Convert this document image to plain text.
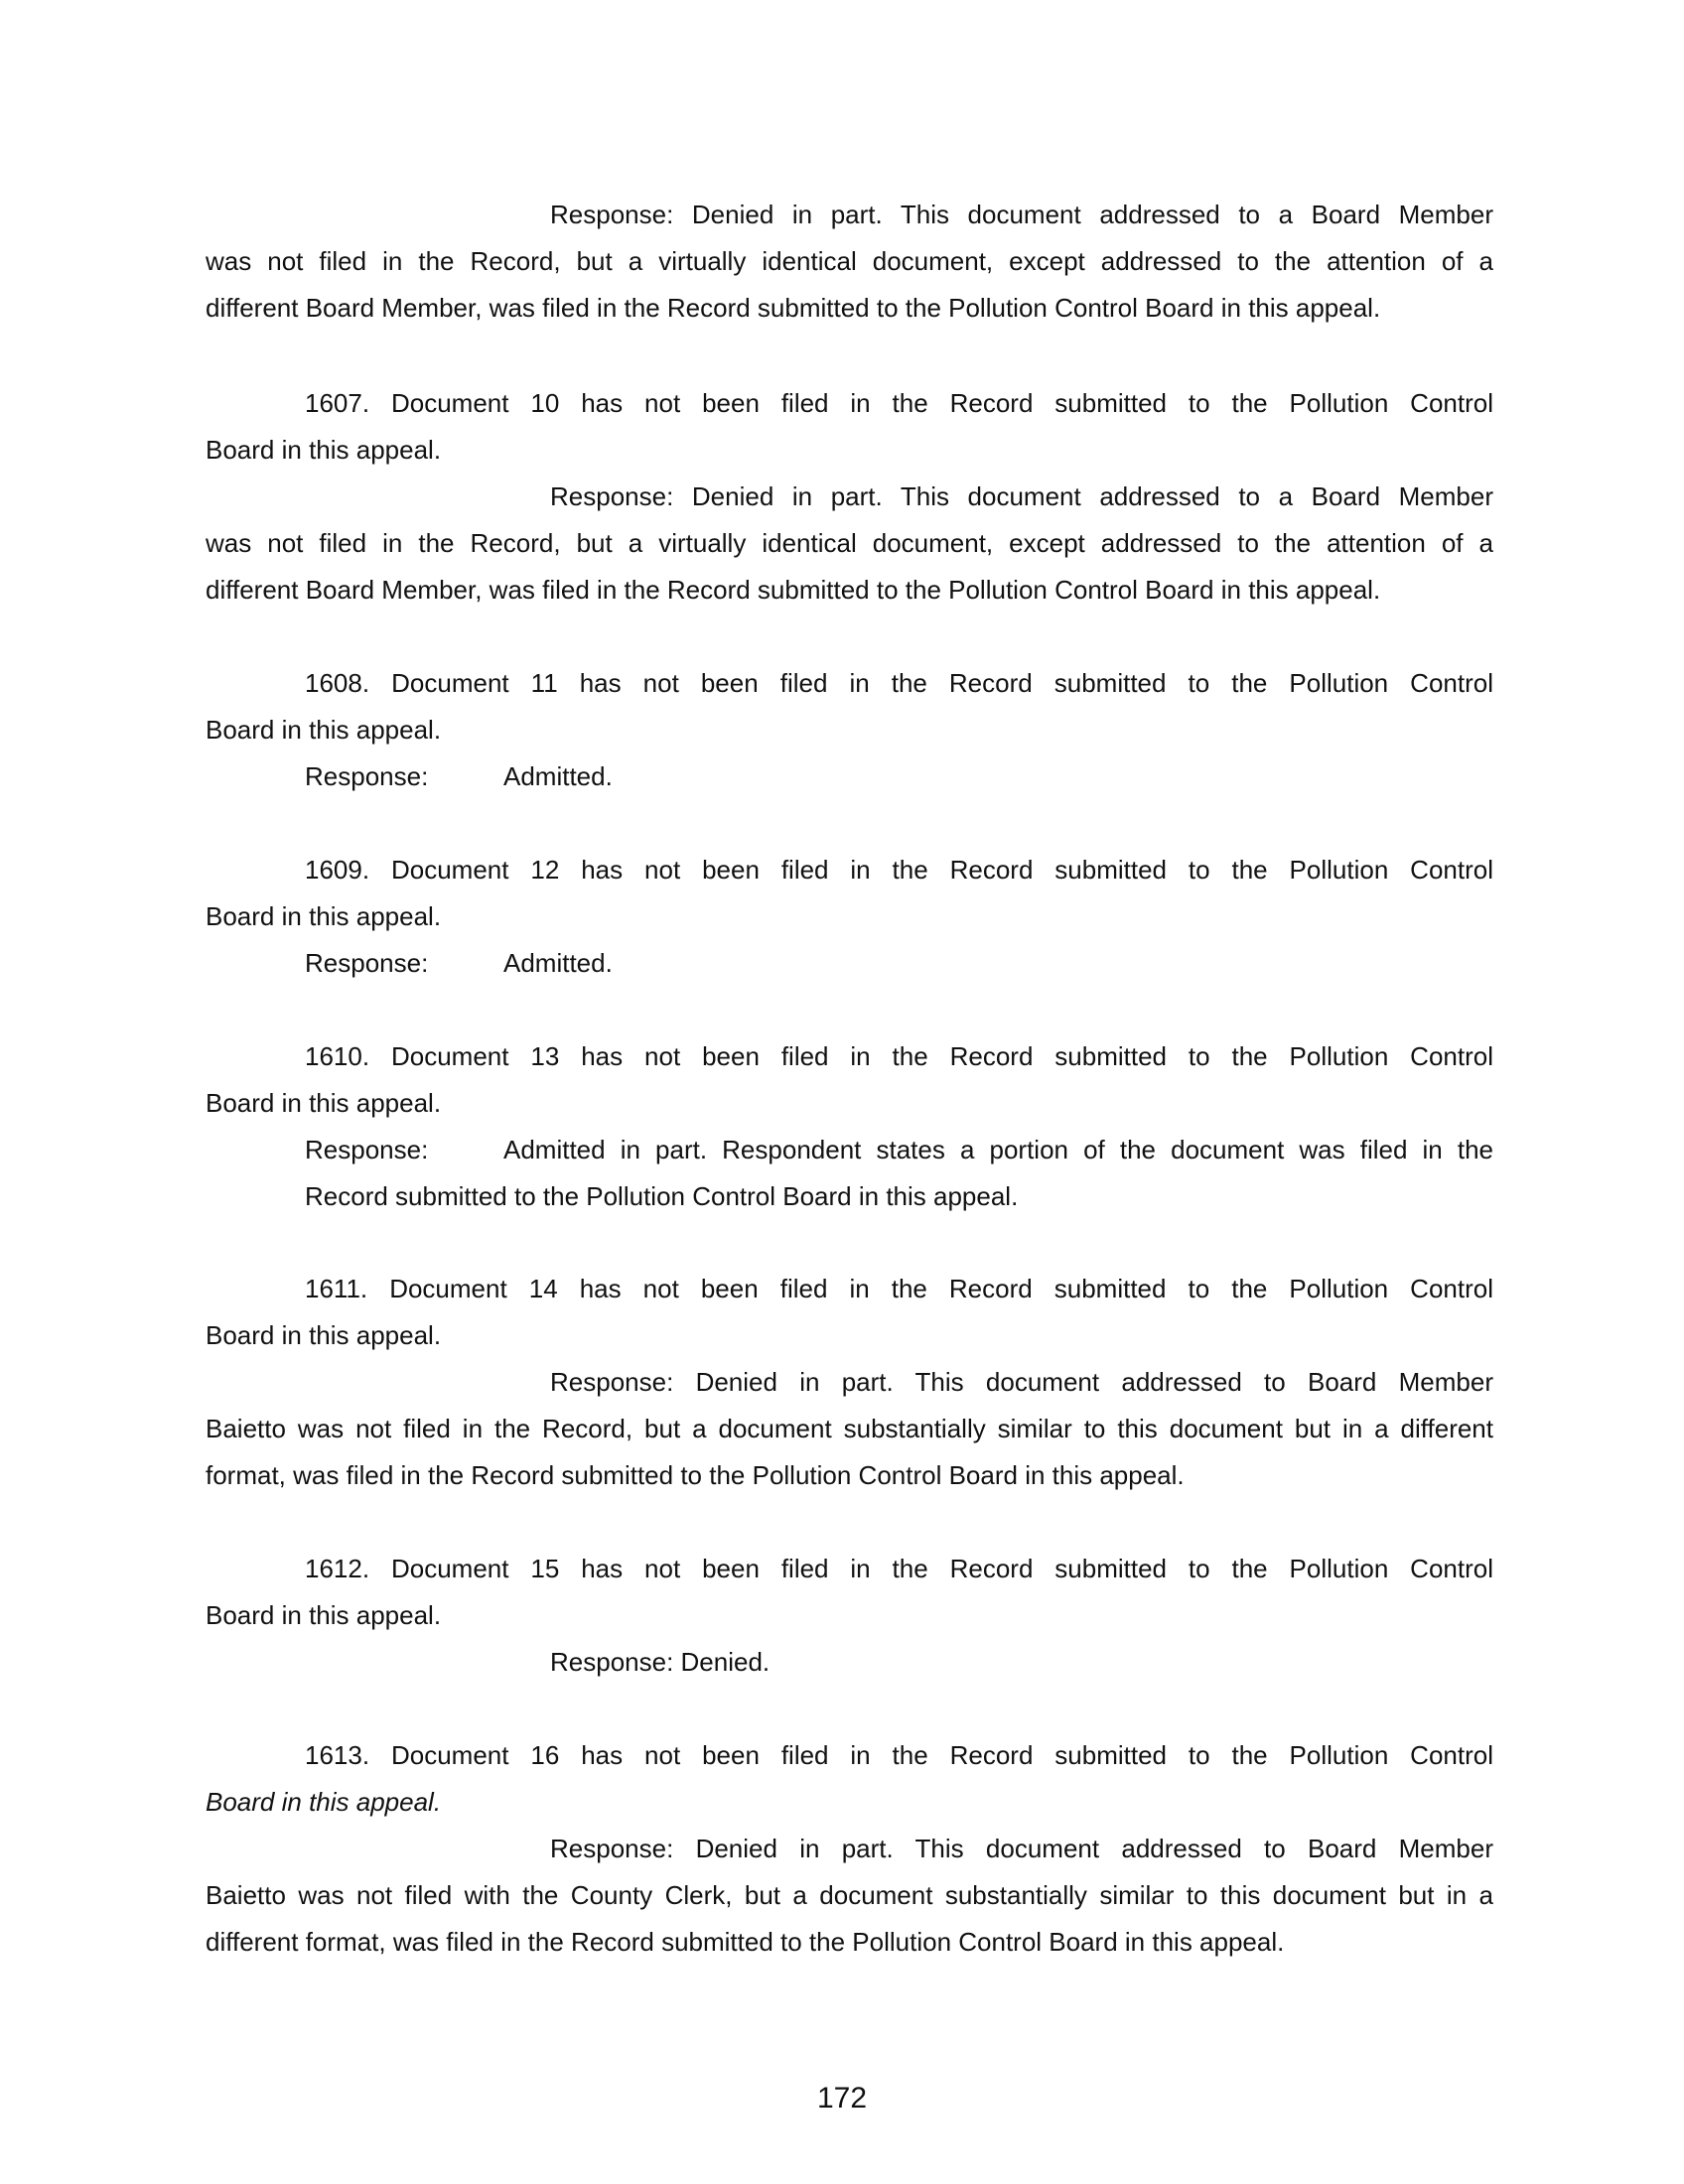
Response: Denied in part. This document addressed to a Board Member
was not filed in the Record, but a virtually identical document, except addressed to the attention of a
different Board Member, was filed in the Record submitted to the Pollution Control Board in this appeal.
1607. Document 10 has not been filed in the Record submitted to the Pollution Control
Board in this appeal.
Response: Denied in part. This document addressed to a Board Member
was not filed in the Record, but a virtually identical document, except addressed to the attention of a
different Board Member, was filed in the Record submitted to the Pollution Control Board in this appeal.
1608. Document 11 has not been filed in the Record submitted to the Pollution Control
Board in this appeal.
Response:	Admitted.
1609. Document 12 has not been filed in the Record submitted to the Pollution Control
Board in this appeal.
Response:	Admitted.
1610. Document 13 has not been filed in the Record submitted to the Pollution Control
Board in this appeal.
Response:	Admitted in part. Respondent states a portion of the document was filed in the
Record submitted to the Pollution Control Board in this appeal.
1611. Document 14 has not been filed in the Record submitted to the Pollution Control
Board in this appeal.
Response: Denied in part. This document addressed to Board Member
Baietto was not filed in the Record, but a document substantially similar to this document but in a different
format, was filed in the Record submitted to the Pollution Control Board in this appeal.
1612. Document 15 has not been filed in the Record submitted to the Pollution Control
Board in this appeal.
Response: Denied.
1613. Document 16 has not been filed in the Record submitted to the Pollution Control
Board in this appeal.
Response: Denied in part. This document addressed to Board Member
Baietto was not filed with the County Clerk, but a document substantially similar to this document but in a
different format, was filed in the Record submitted to the Pollution Control Board in this appeal.
172
